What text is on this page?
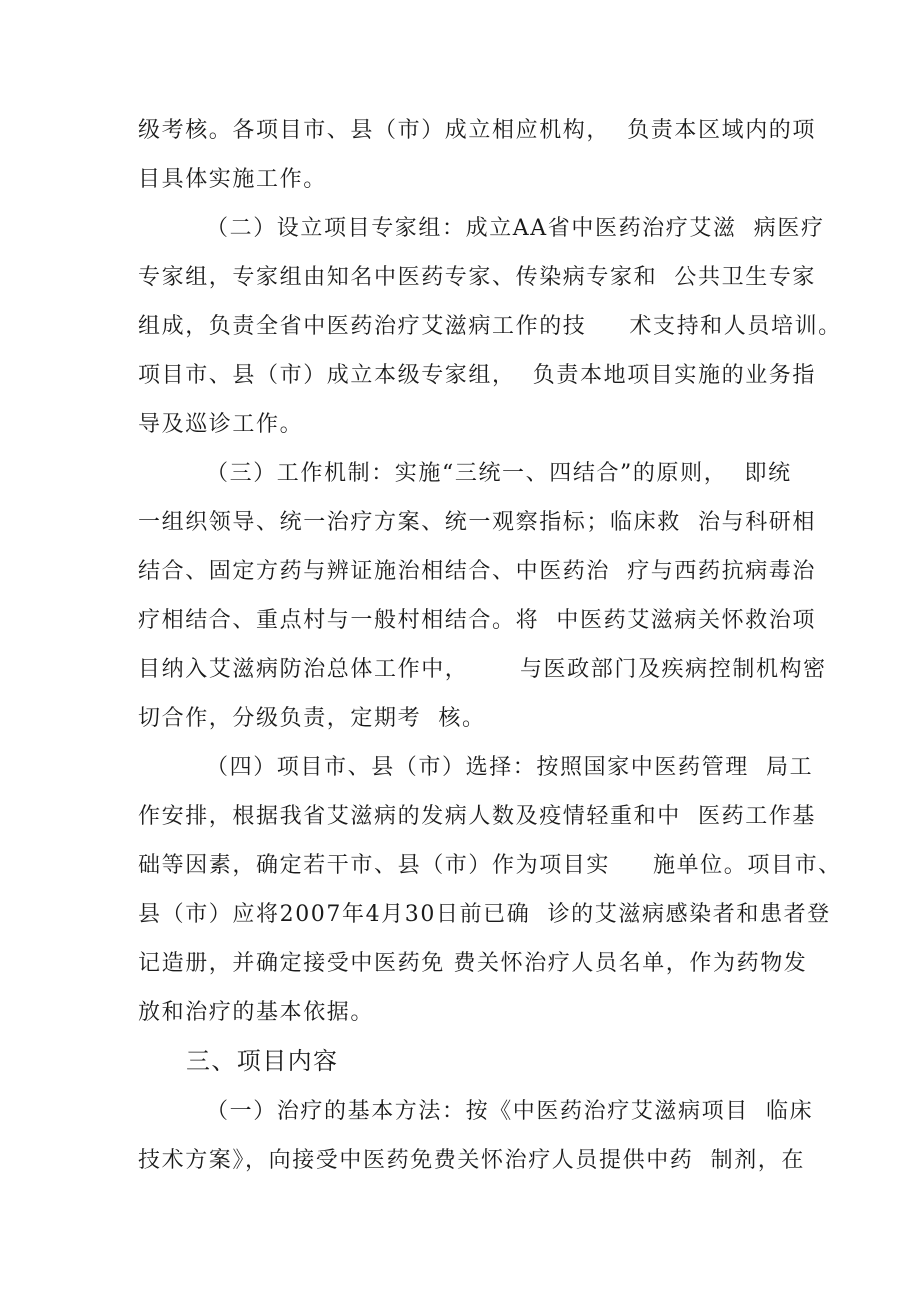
级考核。各项目市、县（市）成立相应机构，  负责本区域内的项
目具体实施工作。
（二）设立项目专家组：成立AA省中医药治疗艾滋  病医疗
专家组，专家组由知名中医药专家、传染病专家和  公共卫生专家
组成，负责全省中医药治疗艾滋病工作的技     术支持和人员培训。
项目市、县（市）成立本级专家组，  负责本地项目实施的业务指
导及巡诊工作。
（三）工作机制：实施“三统一、四结合”的原则，  即统
一组织领导、统一治疗方案、统一观察指标；临床救  治与科研相
结合、固定方药与辨证施治相结合、中医药治  疗与西药抗病毒治
疗相结合、重点村与一般村相结合。将  中医药艾滋病关怀救治项
目纳入艾滋病防治总体工作中，      与医政部门及疾病控制机构密
切合作，分级负责，定期考  核。
（四）项目市、县（市）选择：按照国家中医药管理  局工
作安排，根据我省艾滋病的发病人数及疫情轻重和中  医药工作基
础等因素，确定若干市、县（市）作为项目实     施单位。项目市、
县（市）应将2007年4月30日前已确  诊的艾滋病感染者和患者登
记造册，并确定接受中医药免 费关怀治疗人员名单，作为药物发
放和治疗的基本依据。
三、项目内容
（一）治疗的基本方法：按《中医药治疗艾滋病项目  临床
技术方案》，向接受中医药免费关怀治疗人员提供中药  制剂，在
